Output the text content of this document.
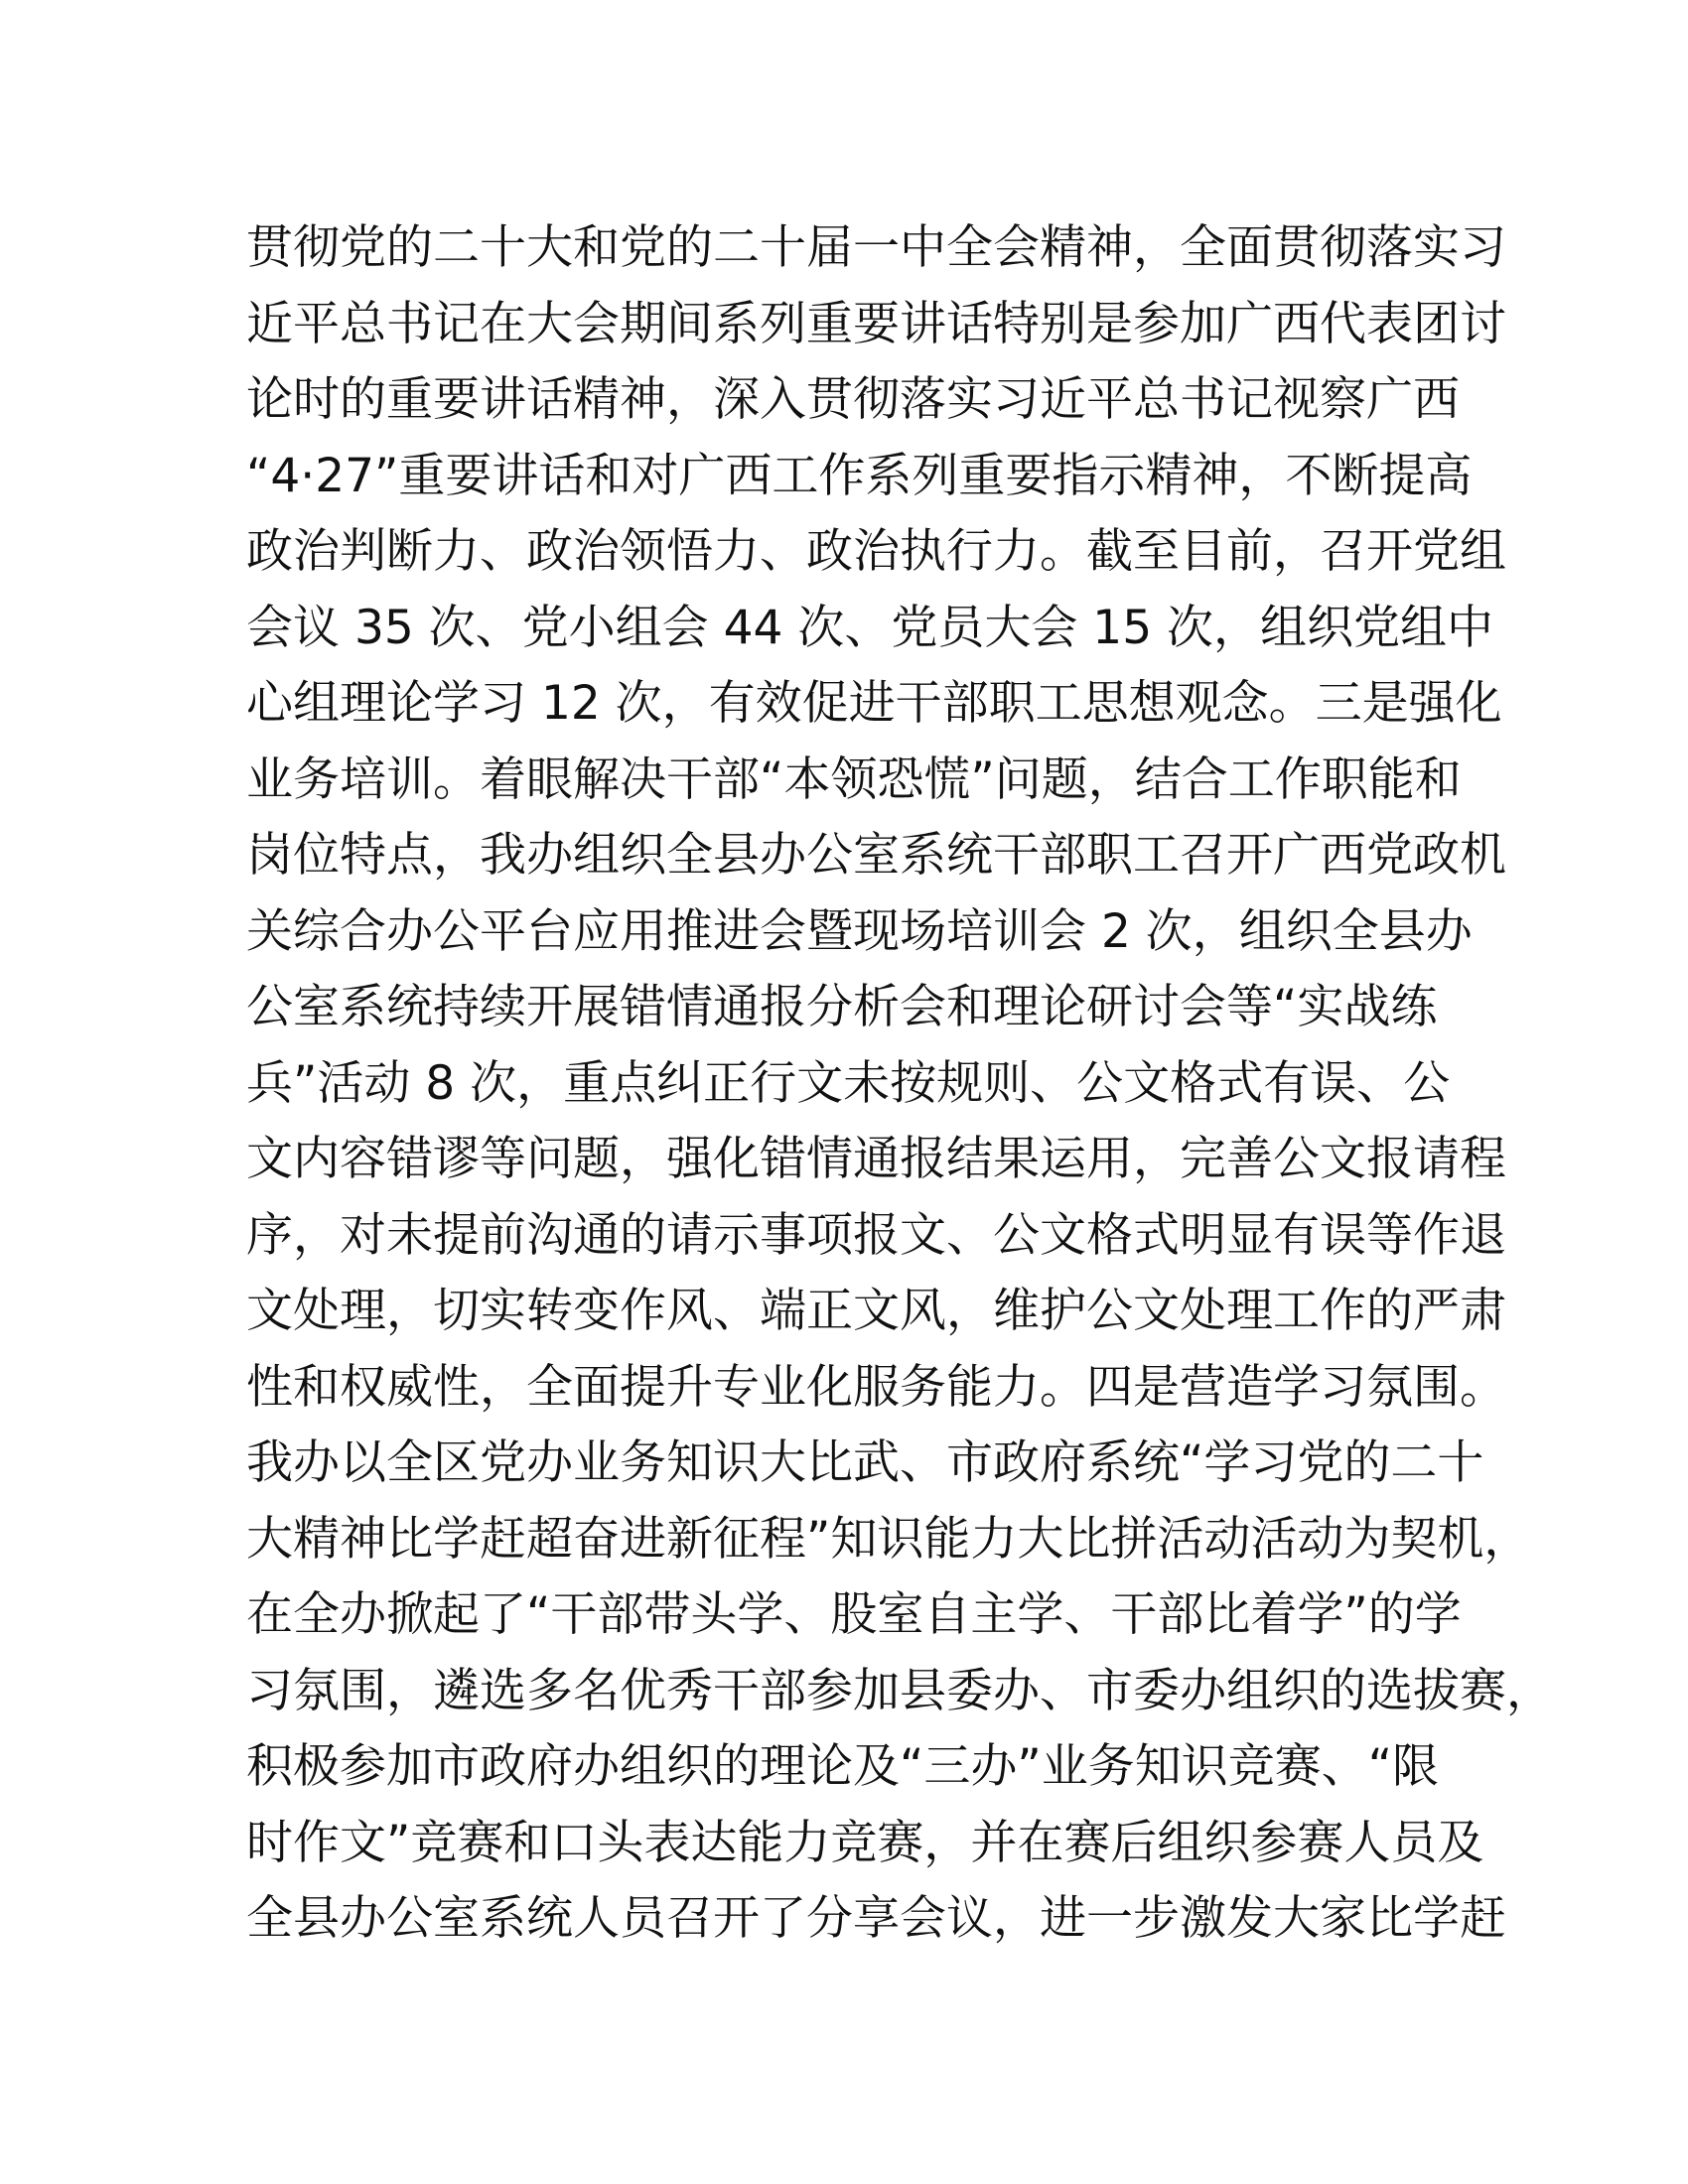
贯彻党的二十大和党的二十届一中全会精神，全面贯彻落实习
近平总书记在大会期间系列重要讲话特别是参加广西代表团讨
论时的重要讲话精神，深入贯彻落实习近平总书记视察广西
“4·27”重要讲话和对广西工作系列重要指示精神，不断提高
政治判断力、政治领悟力、政治执行力。截至目前，召开党组
会议 35 次、党小组会 44 次、党员大会 15 次，组织党组中
心组理论学习 12 次，有效促进干部职工思想观念。三是强化
业务培训。着眼解决干部“本领恐慌”问题，结合工作职能和
岗位特点，我办组织全县办公室系统干部职工召开广西党政机
关综合办公平台应用推进会暨现场培训会 2 次，组织全县办
公室系统持续开展错情通报分析会和理论研讨会等“实战练
兵”活动 8 次，重点纠正行文未按规则、公文格式有误、公
文内容错谬等问题，强化错情通报结果运用，完善公文报请程
序，对未提前沟通的请示事项报文、公文格式明显有误等作退
文处理，切实转变作风、端正文风，维护公文处理工作的严肃
性和权威性，全面提升专业化服务能力。四是营造学习氛围。
我办以全区党办业务知识大比武、市政府系统“学习党的二十
大精神比学赶超奋进新征程”知识能力大比拼活动活动为契机，
在全办掀起了“干部带头学、股室自主学、干部比着学”的学
习氛围，遴选多名优秀干部参加县委办、市委办组织的选拔赛，
积极参加市政府办组织的理论及“三办”业务知识竞赛、“限
时作文”竞赛和口头表达能力竞赛，并在赛后组织参赛人员及
全县办公室系统人员召开了分享会议，进一步激发大家比学赶
